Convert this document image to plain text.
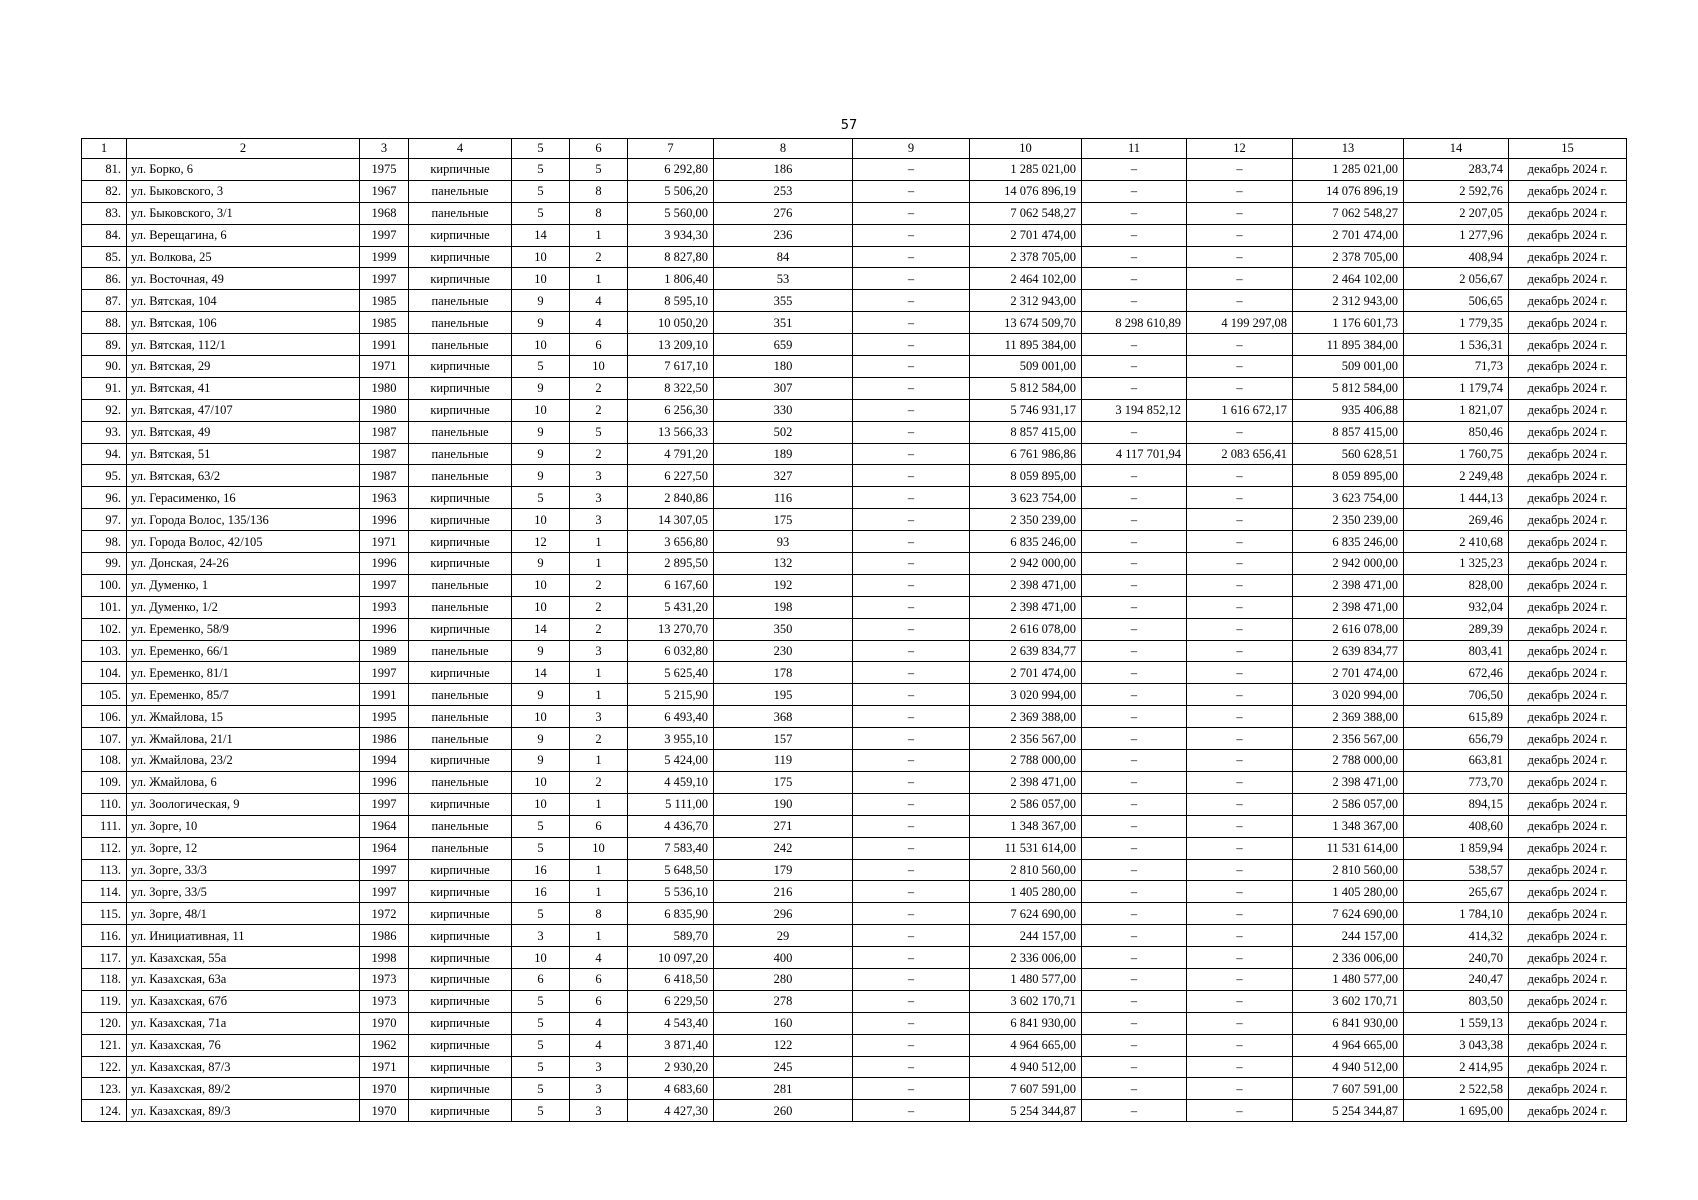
57
1	2	3	4	5	6	7	8	9	10	11	12	13	14	15
81.	ул. Борко, 6	1975	кирпичные	5	5	6 292,80	186	–	1 285 021,00	–	–	1 285 021,00	283,74	декабрь 2024 г.
82.	ул. Быковского, 3	1967	панельные	5	8	5 506,20	253	–	14 076 896,19	–	–	14 076 896,19	2 592,76	декабрь 2024 г.
83.	ул. Быковского, 3/1	1968	панельные	5	8	5 560,00	276	–	7 062 548,27	–	–	7 062 548,27	2 207,05	декабрь 2024 г.
84.	ул. Верещагина, 6	1997	кирпичные	14	1	3 934,30	236	–	2 701 474,00	–	–	2 701 474,00	1 277,96	декабрь 2024 г.
85.	ул. Волкова, 25	1999	кирпичные	10	2	8 827,80	84	–	2 378 705,00	–	–	2 378 705,00	408,94	декабрь 2024 г.
86.	ул. Восточная, 49	1997	кирпичные	10	1	1 806,40	53	–	2 464 102,00	–	–	2 464 102,00	2 056,67	декабрь 2024 г.
87.	ул. Вятская, 104	1985	панельные	9	4	8 595,10	355	–	2 312 943,00	–	–	2 312 943,00	506,65	декабрь 2024 г.
88.	ул. Вятская, 106	1985	панельные	9	4	10 050,20	351	–	13 674 509,70	8 298 610,89	4 199 297,08	1 176 601,73	1 779,35	декабрь 2024 г.
89.	ул. Вятская, 112/1	1991	панельные	10	6	13 209,10	659	–	11 895 384,00	–	–	11 895 384,00	1 536,31	декабрь 2024 г.
90.	ул. Вятская, 29	1971	кирпичные	5	10	7 617,10	180	–	509 001,00	–	–	509 001,00	71,73	декабрь 2024 г.
91.	ул. Вятская, 41	1980	кирпичные	9	2	8 322,50	307	–	5 812 584,00	–	–	5 812 584,00	1 179,74	декабрь 2024 г.
92.	ул. Вятская, 47/107	1980	кирпичные	10	2	6 256,30	330	–	5 746 931,17	3 194 852,12	1 616 672,17	935 406,88	1 821,07	декабрь 2024 г.
93.	ул. Вятская, 49	1987	панельные	9	5	13 566,33	502	–	8 857 415,00	–	–	8 857 415,00	850,46	декабрь 2024 г.
94.	ул. Вятская, 51	1987	панельные	9	2	4 791,20	189	–	6 761 986,86	4 117 701,94	2 083 656,41	560 628,51	1 760,75	декабрь 2024 г.
95.	ул. Вятская, 63/2	1987	панельные	9	3	6 227,50	327	–	8 059 895,00	–	–	8 059 895,00	2 249,48	декабрь 2024 г.
96.	ул. Герасименко, 16	1963	кирпичные	5	3	2 840,86	116	–	3 623 754,00	–	–	3 623 754,00	1 444,13	декабрь 2024 г.
97.	ул. Города Волос, 135/136	1996	кирпичные	10	3	14 307,05	175	–	2 350 239,00	–	–	2 350 239,00	269,46	декабрь 2024 г.
98.	ул. Города Волос, 42/105	1971	кирпичные	12	1	3 656,80	93	–	6 835 246,00	–	–	6 835 246,00	2 410,68	декабрь 2024 г.
99.	ул. Донская, 24-26	1996	кирпичные	9	1	2 895,50	132	–	2 942 000,00	–	–	2 942 000,00	1 325,23	декабрь 2024 г.
100.	ул. Думенко, 1	1997	панельные	10	2	6 167,60	192	–	2 398 471,00	–	–	2 398 471,00	828,00	декабрь 2024 г.
101.	ул. Думенко, 1/2	1993	панельные	10	2	5 431,20	198	–	2 398 471,00	–	–	2 398 471,00	932,04	декабрь 2024 г.
102.	ул. Еременко, 58/9	1996	кирпичные	14	2	13 270,70	350	–	2 616 078,00	–	–	2 616 078,00	289,39	декабрь 2024 г.
103.	ул. Еременко, 66/1	1989	панельные	9	3	6 032,80	230	–	2 639 834,77	–	–	2 639 834,77	803,41	декабрь 2024 г.
104.	ул. Еременко, 81/1	1997	кирпичные	14	1	5 625,40	178	–	2 701 474,00	–	–	2 701 474,00	672,46	декабрь 2024 г.
105.	ул. Еременко, 85/7	1991	панельные	9	1	5 215,90	195	–	3 020 994,00	–	–	3 020 994,00	706,50	декабрь 2024 г.
106.	ул. Жмайлова, 15	1995	панельные	10	3	6 493,40	368	–	2 369 388,00	–	–	2 369 388,00	615,89	декабрь 2024 г.
107.	ул. Жмайлова, 21/1	1986	панельные	9	2	3 955,10	157	–	2 356 567,00	–	–	2 356 567,00	656,79	декабрь 2024 г.
108.	ул. Жмайлова, 23/2	1994	кирпичные	9	1	5 424,00	119	–	2 788 000,00	–	–	2 788 000,00	663,81	декабрь 2024 г.
109.	ул. Жмайлова, 6	1996	панельные	10	2	4 459,10	175	–	2 398 471,00	–	–	2 398 471,00	773,70	декабрь 2024 г.
110.	ул. Зоологическая, 9	1997	кирпичные	10	1	5 111,00	190	–	2 586 057,00	–	–	2 586 057,00	894,15	декабрь 2024 г.
111.	ул. Зорге, 10	1964	панельные	5	6	4 436,70	271	–	1 348 367,00	–	–	1 348 367,00	408,60	декабрь 2024 г.
112.	ул. Зорге, 12	1964	панельные	5	10	7 583,40	242	–	11 531 614,00	–	–	11 531 614,00	1 859,94	декабрь 2024 г.
113.	ул. Зорге, 33/3	1997	кирпичные	16	1	5 648,50	179	–	2 810 560,00	–	–	2 810 560,00	538,57	декабрь 2024 г.
114.	ул. Зорге, 33/5	1997	кирпичные	16	1	5 536,10	216	–	1 405 280,00	–	–	1 405 280,00	265,67	декабрь 2024 г.
115.	ул. Зорге, 48/1	1972	кирпичные	5	8	6 835,90	296	–	7 624 690,00	–	–	7 624 690,00	1 784,10	декабрь 2024 г.
116.	ул. Инициативная, 11	1986	кирпичные	3	1	589,70	29	–	244 157,00	–	–	244 157,00	414,32	декабрь 2024 г.
117.	ул. Казахская, 55а	1998	кирпичные	10	4	10 097,20	400	–	2 336 006,00	–	–	2 336 006,00	240,70	декабрь 2024 г.
118.	ул. Казахская, 63а	1973	кирпичные	6	6	6 418,50	280	–	1 480 577,00	–	–	1 480 577,00	240,47	декабрь 2024 г.
119.	ул. Казахская, 67б	1973	кирпичные	5	6	6 229,50	278	–	3 602 170,71	–	–	3 602 170,71	803,50	декабрь 2024 г.
120.	ул. Казахская, 71а	1970	кирпичные	5	4	4 543,40	160	–	6 841 930,00	–	–	6 841 930,00	1 559,13	декабрь 2024 г.
121.	ул. Казахская, 76	1962	кирпичные	5	4	3 871,40	122	–	4 964 665,00	–	–	4 964 665,00	3 043,38	декабрь 2024 г.
122.	ул. Казахская, 87/3	1971	кирпичные	5	3	2 930,20	245	–	4 940 512,00	–	–	4 940 512,00	2 414,95	декабрь 2024 г.
123.	ул. Казахская, 89/2	1970	кирпичные	5	3	4 683,60	281	–	7 607 591,00	–	–	7 607 591,00	2 522,58	декабрь 2024 г.
124.	ул. Казахская, 89/3	1970	кирпичные	5	3	4 427,30	260	–	5 254 344,87	–	–	5 254 344,87	1 695,00	декабрь 2024 г.
